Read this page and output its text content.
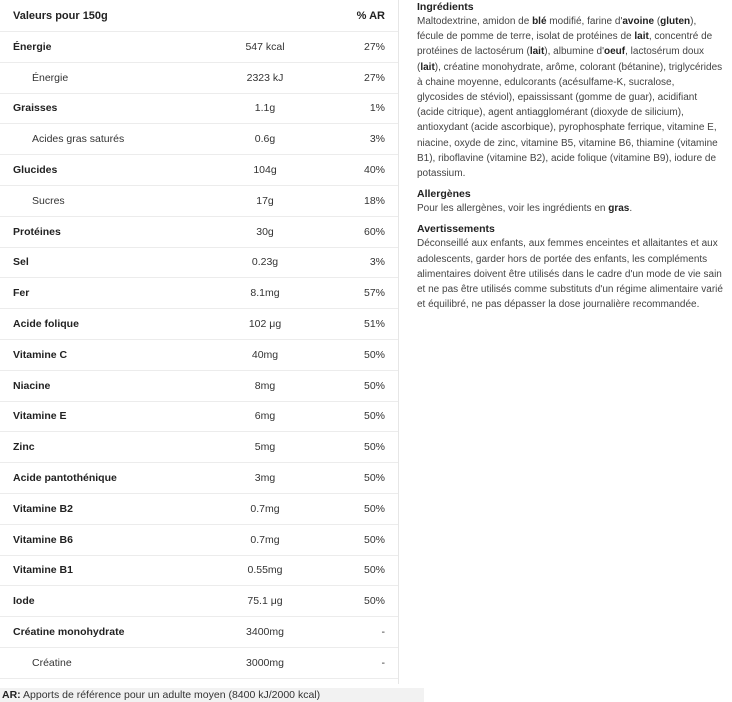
Valeurs pour 150g	% AR
Énergie	547 kcal	27%
Énergie	2323 kJ	27%
Graisses	1.1g	1%
Acides gras saturés	0.6g	3%
Glucides	104g	40%
Sucres	17g	18%
Protéines	30g	60%
Sel	0.23g	3%
Fer	8.1mg	57%
Acide folique	102 μg	51%
Vitamine C	40mg	50%
Niacine	8mg	50%
Vitamine E	6mg	50%
Zinc	5mg	50%
Acide pantothénique	3mg	50%
Vitamine B2	0.7mg	50%
Vitamine B6	0.7mg	50%
Vitamine B1	0.55mg	50%
Iode	75.1 μg	50%
Créatine monohydrate	3400mg	-
Créatine	3000mg	-
AR: Apports de référence pour un adulte moyen (8400 kJ/2000 kcal)
Ingrédients
Maltodextrine, amidon de blé modifié, farine d'avoine (gluten), fécule de pomme de terre, isolat de protéines de lait, concentré de protéines de lactosérum (lait), albumine d'oeuf, lactosérum doux (lait), créatine monohydrate, arôme, colorant (bétanine), triglycérides à chaine moyenne, edulcorants (acésulfame-K, sucralose, glycosides de stéviol), epaississant (gomme de guar), acidifiant (acide citrique), agent antiagglomérant (dioxyde de silicium), antioxydant (acide ascorbique), pyrophosphate ferrique, vitamine E, niacine, oxyde de zinc, vitamine B5, vitamine B6, thiamine (vitamine B1), riboflavine (vitamine B2), acide folique (vitamine B9), iodure de potassium.
Allergènes
Pour les allergènes, voir les ingrédients en gras.
Avertissements
Déconseillé aux enfants, aux femmes enceintes et allaitantes et aux adolescents, garder hors de portée des enfants, les compléments alimentaires doivent être utilisés dans le cadre d'un mode de vie sain et ne pas être utilisés comme substituts d'un régime alimentaire varié et équilibré, ne pas dépasser la dose journalière recommandée.
